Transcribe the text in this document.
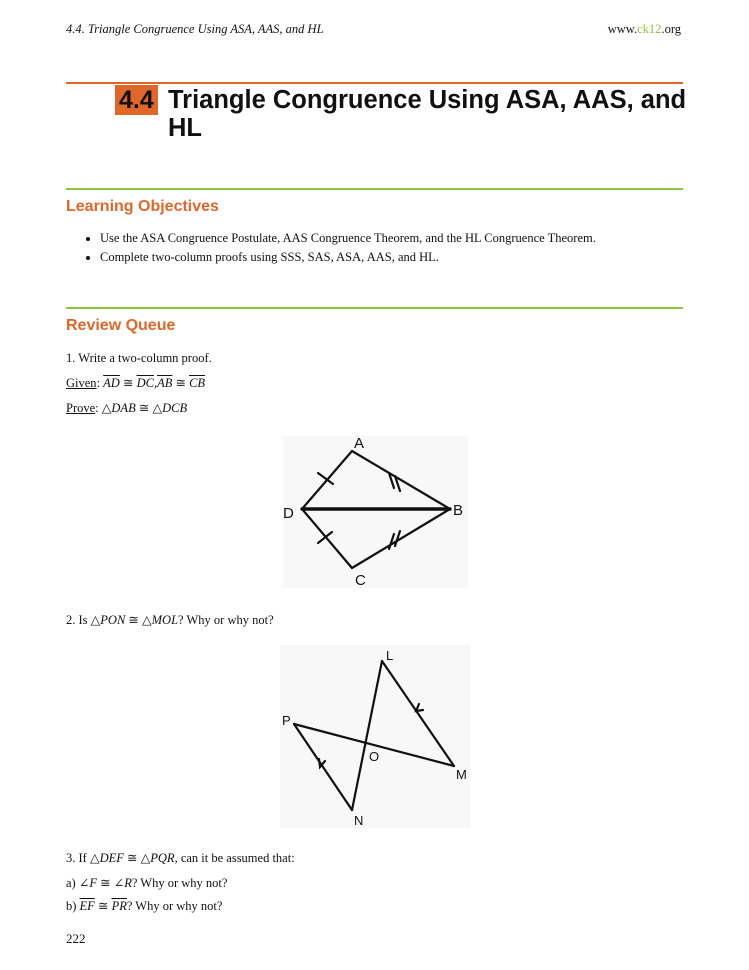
4.4. Triangle Congruence Using ASA, AAS, and HL	www.ck12.org
4.4 Triangle Congruence Using ASA, AAS, and HL
Learning Objectives
• Use the ASA Congruence Postulate, AAS Congruence Theorem, and the HL Congruence Theorem.
• Complete two-column proofs using SSS, SAS, ASA, AAS, and HL.
Review Queue
1. Write a two-column proof.
Given: $\overline{AD}$ ≅ $\overline{DC},\overline{AB}$ ≅ $\overline{CB}$
Prove: △DAB ≅ △DCB
A
B
C
D
2. Is △PON ≅ △MOL? Why or why not?
L
P
O
M
N
3. If △DEF ≅ △PQR, can it be assumed that:
a) ∠F ≅ ∠R? Why or why not?
b) $\overline{EF}$ ≅ $\overline{PR}$? Why or why not?
222
